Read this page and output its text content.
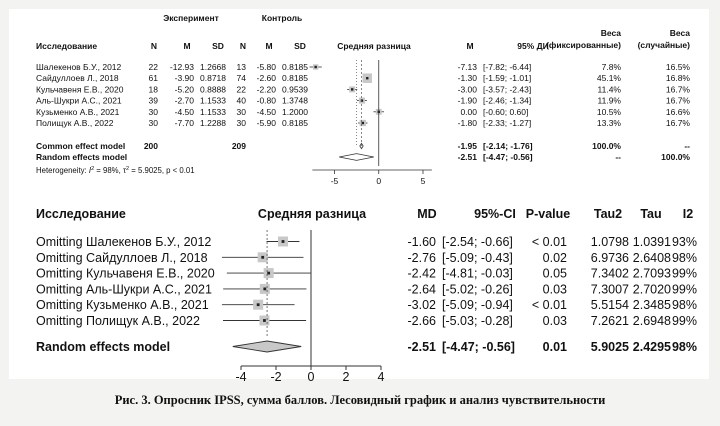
Эксперимент	Контроль
Исследование	N	M	SD N M	SD	Средняя разница	M	95% ДИ
Веса
(фиксированные)
Веса
(случайные)
Шалекенов Б.У., 2012	22 -12.93 1.2668 13 -5.80 0.8185	-7.13 [-7.82; -6.44]	7.8%	16.5%
Сайдуллоев Л., 2018	61 -3.90 0.8718 74 -2.60 0.8185	-1.30 [-1.59; -1.01]	45.1%	16.8%
Кульчавеня Е.В., 2020	18 -5.20 0.8888 22 -2.20 0.9539	-3.00 [-3.57; -2.43]	11.4%	16.7%
Аль-Шукри А.С., 2021	39 -2.70 1.1533 40 -0.80 1.3748	-1.90 [-2.46; -1.34]	11.9%	16.7%
Кузьменко А.В., 2021	30 -4.50 1.1533 30 -4.50 1.2000	0.00 [-0.60; 0.60]	10.5%	16.6%
Полищук А.В., 2022	30 -7.70 1.2288 30 -5.90 0.8185	-1.80 [-2.33; -1.27]	13.3%	16.7%
Common effect model 200	209	-1.95 [-2.14; -1.76]	100.0%	--
Random effects model	-2.51 [-4.47; -0.56]	--	100.0%
Heterogeneity: $I^2 = 98\%$, $\tau^2 = 5.9025$, p < 0.01
-5	0	5
Исследование	Средняя разница	MD	95%-CI P-value Tau2 Tau I2
Omitting Шалекенов Б.У., 2012	-1.60 [-2.54; -0.66] < 0.01 1.0798 1.0391 93%
Omitting Сайдуллоев Л., 2018	-2.76 [-5.09; -0.43] 0.02 6.9736 2.6408 98%
Omitting Кульчавеня Е.В., 2020	-2.42 [-4.81; -0.03] 0.05 7.3402 2.7093 99%
Omitting Аль-Шукри А.С., 2021	-2.64 [-5.02; -0.26] 0.03 7.3007 2.7020 99%
Omitting Кузьменко А.В., 2021	-3.02 [-5.09; -0.94] < 0.01 5.5154 2.3485 98%
Omitting Полищук А.В., 2022	-2.66 [-5.03; -0.28] 0.03 7.2621 2.6948 99%
Random effects model	-2.51 [-4.47; -0.56] 0.01 5.9025 2.4295 98%
-4 -2 0 2 4
Рис. 3. Опросник IPSS, сумма баллов. Лесовидный график и анализ чувствительности
